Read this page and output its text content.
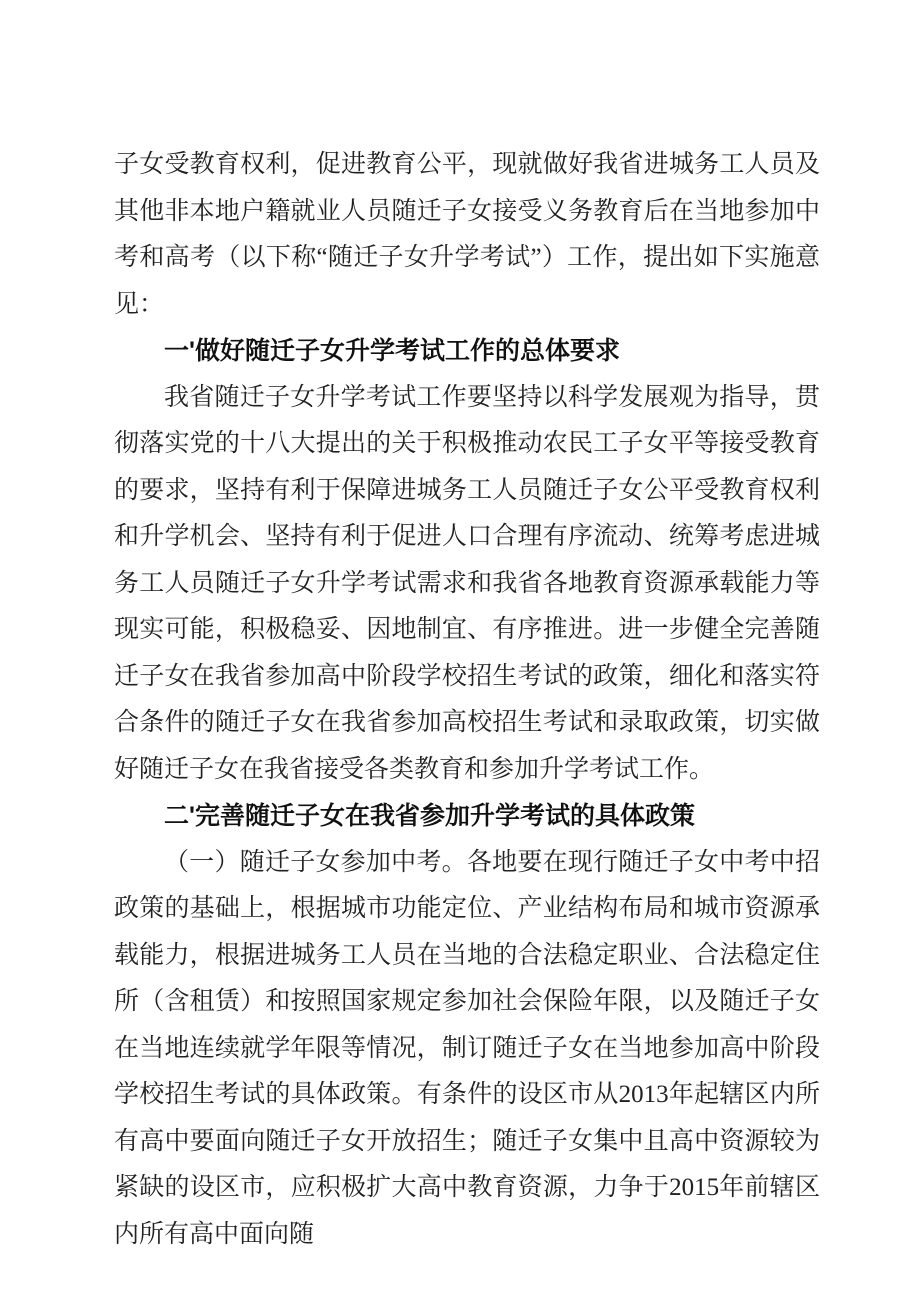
子女受教育权利，促进教育公平，现就做好我省进城务工人员及其他非本地户籍就业人员随迁子女接受义务教育后在当地参加中考和高考（以下称“随迁子女升学考试”）工作，提出如下实施意见：

一'做好随迁子女升学考试工作的总体要求

我省随迁子女升学考试工作要坚持以科学发展观为指导，贯彻落实党的十八大提出的关于积极推动农民工子女平等接受教育的要求，坚持有利于保障进城务工人员随迁子女公平受教育权利和升学机会、坚持有利于促进人口合理有序流动、统筹考虑进城务工人员随迁子女升学考试需求和我省各地教育资源承载能力等现实可能，积极稳妥、因地制宜、有序推进。进一步健全完善随迁子女在我省参加高中阶段学校招生考试的政策，细化和落实符合条件的随迁子女在我省参加高校招生考试和录取政策，切实做好随迁子女在我省接受各类教育和参加升学考试工作。

二'完善随迁子女在我省参加升学考试的具体政策

（一）随迁子女参加中考。各地要在现行随迁子女中考中招政策的基础上，根据城市功能定位、产业结构布局和城市资源承载能力，根据进城务工人员在当地的合法稳定职业、合法稳定住所（含租赁）和按照国家规定参加社会保险年限，以及随迁子女在当地连续就学年限等情况，制订随迁子女在当地参加高中阶段学校招生考试的具体政策。有条件的设区市从2013年起辖区内所有高中要面向随迁子女开放招生；随迁子女集中且高中资源较为紧缺的设区市，应积极扩大高中教育资源，力争于2015年前辖区内所有高中面向随
